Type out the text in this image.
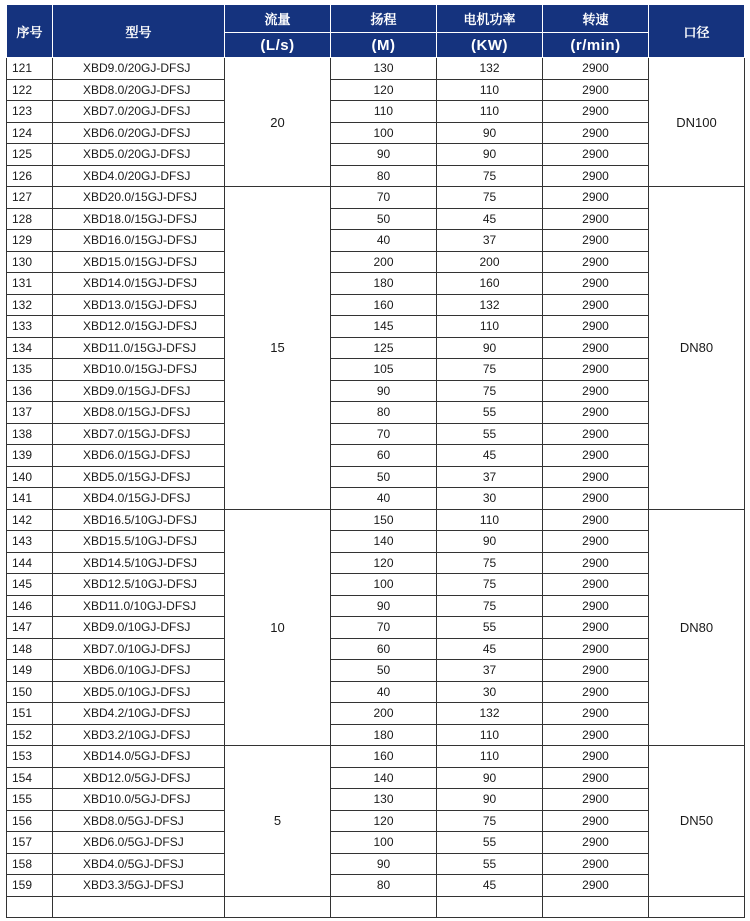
序号	型号	流量	扬程	电机功率	转速	口径
		(L/s)	(M)	(KW)	(r/min)	
121	XBD9.0/20GJ-DFSJ	20	130	132	2900	DN100
122	XBD8.0/20GJ-DFSJ		120	110	2900	
123	XBD7.0/20GJ-DFSJ		110	110	2900	
124	XBD6.0/20GJ-DFSJ		100	90	2900	
125	XBD5.0/20GJ-DFSJ		90	90	2900	
126	XBD4.0/20GJ-DFSJ		80	75	2900	
127	XBD20.0/15GJ-DFSJ	15	70	75	2900	DN80
128	XBD18.0/15GJ-DFSJ		50	45	2900	
129	XBD16.0/15GJ-DFSJ		40	37	2900	
130	XBD15.0/15GJ-DFSJ		200	200	2900	
131	XBD14.0/15GJ-DFSJ		180	160	2900	
132	XBD13.0/15GJ-DFSJ		160	132	2900	
133	XBD12.0/15GJ-DFSJ		145	110	2900	
134	XBD11.0/15GJ-DFSJ		125	90	2900	
135	XBD10.0/15GJ-DFSJ		105	75	2900	
136	XBD9.0/15GJ-DFSJ		90	75	2900	
137	XBD8.0/15GJ-DFSJ		80	55	2900	
138	XBD7.0/15GJ-DFSJ		70	55	2900	
139	XBD6.0/15GJ-DFSJ		60	45	2900	
140	XBD5.0/15GJ-DFSJ		50	37	2900	
141	XBD4.0/15GJ-DFSJ		40	30	2900	
142	XBD16.5/10GJ-DFSJ	10	150	110	2900	DN80
143	XBD15.5/10GJ-DFSJ		140	90	2900	
144	XBD14.5/10GJ-DFSJ		120	75	2900	
145	XBD12.5/10GJ-DFSJ		100	75	2900	
146	XBD11.0/10GJ-DFSJ		90	75	2900	
147	XBD9.0/10GJ-DFSJ		70	55	2900	
148	XBD7.0/10GJ-DFSJ		60	45	2900	
149	XBD6.0/10GJ-DFSJ		50	37	2900	
150	XBD5.0/10GJ-DFSJ		40	30	2900	
151	XBD4.2/10GJ-DFSJ		200	132	2900	
152	XBD3.2/10GJ-DFSJ		180	110	2900	
153	XBD14.0/5GJ-DFSJ	5	160	110	2900	DN50
154	XBD12.0/5GJ-DFSJ		140	90	2900	
155	XBD10.0/5GJ-DFSJ		130	90	2900	
156	XBD8.0/5GJ-DFSJ		120	75	2900	
157	XBD6.0/5GJ-DFSJ		100	55	2900	
158	XBD4.0/5GJ-DFSJ		90	55	2900	
159	XBD3.3/5GJ-DFSJ		80	45	2900	
